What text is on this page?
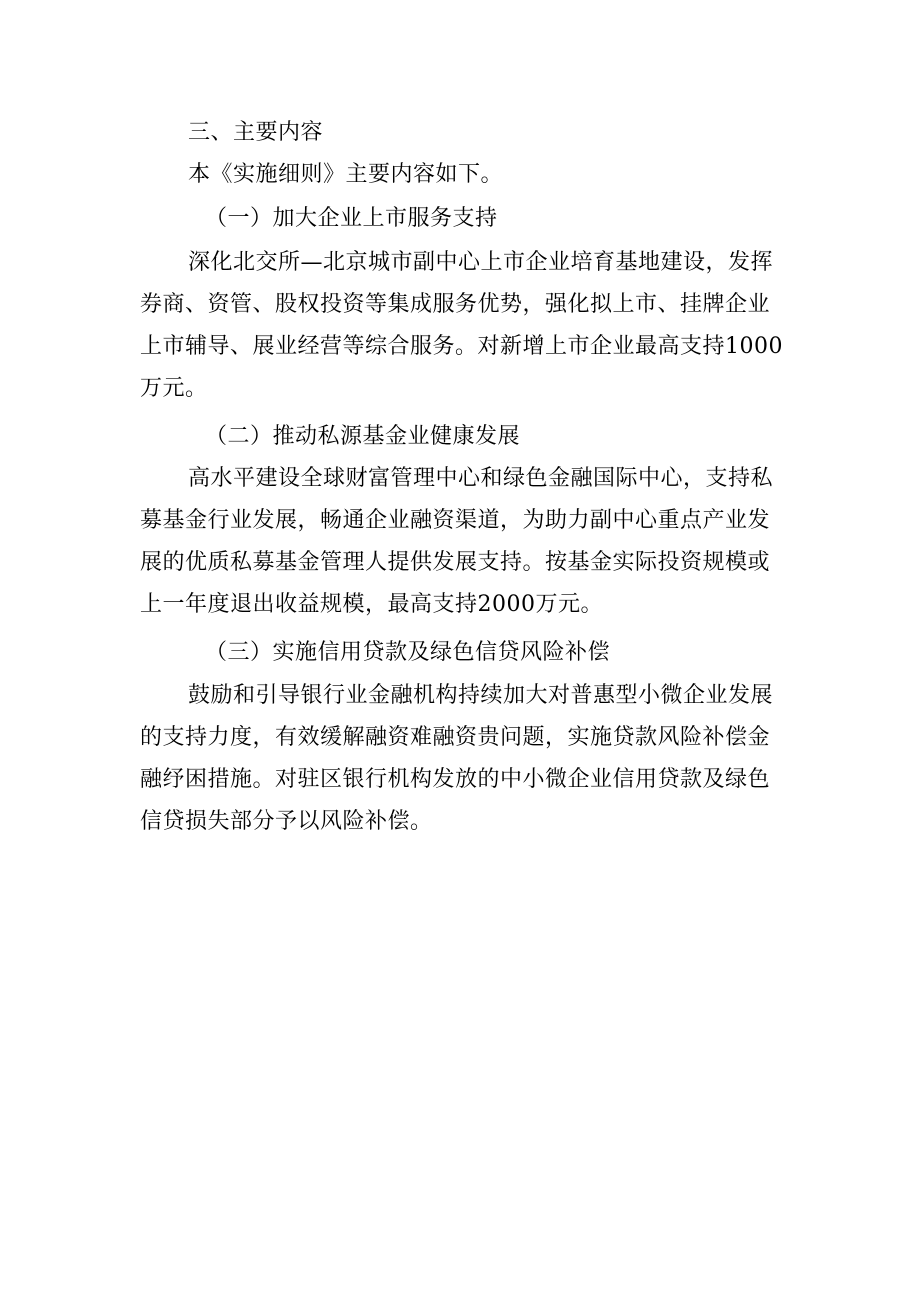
三、主要内容
本《实施细则》主要内容如下。
（一）加大企业上市服务支持
深化北交所—北京城市副中心上市企业培育基地建设，发挥券商、资管、股权投资等集成服务优势，强化拟上市、挂牌企业上市辅导、展业经营等综合服务。对新增上市企业最高支持1000万元。
（二）推动私源基金业健康发展
高水平建设全球财富管理中心和绿色金融国际中心，支持私募基金行业发展，畅通企业融资渠道，为助力副中心重点产业发展的优质私募基金管理人提供发展支持。按基金实际投资规模或上一年度退出收益规模，最高支持2000万元。
（三）实施信用贷款及绿色信贷风险补偿
鼓励和引导银行业金融机构持续加大对普惠型小微企业发展的支持力度，有效缓解融资难融资贵问题，实施贷款风险补偿金融纾困措施。对驻区银行机构发放的中小微企业信用贷款及绿色信贷损失部分予以风险补偿。
